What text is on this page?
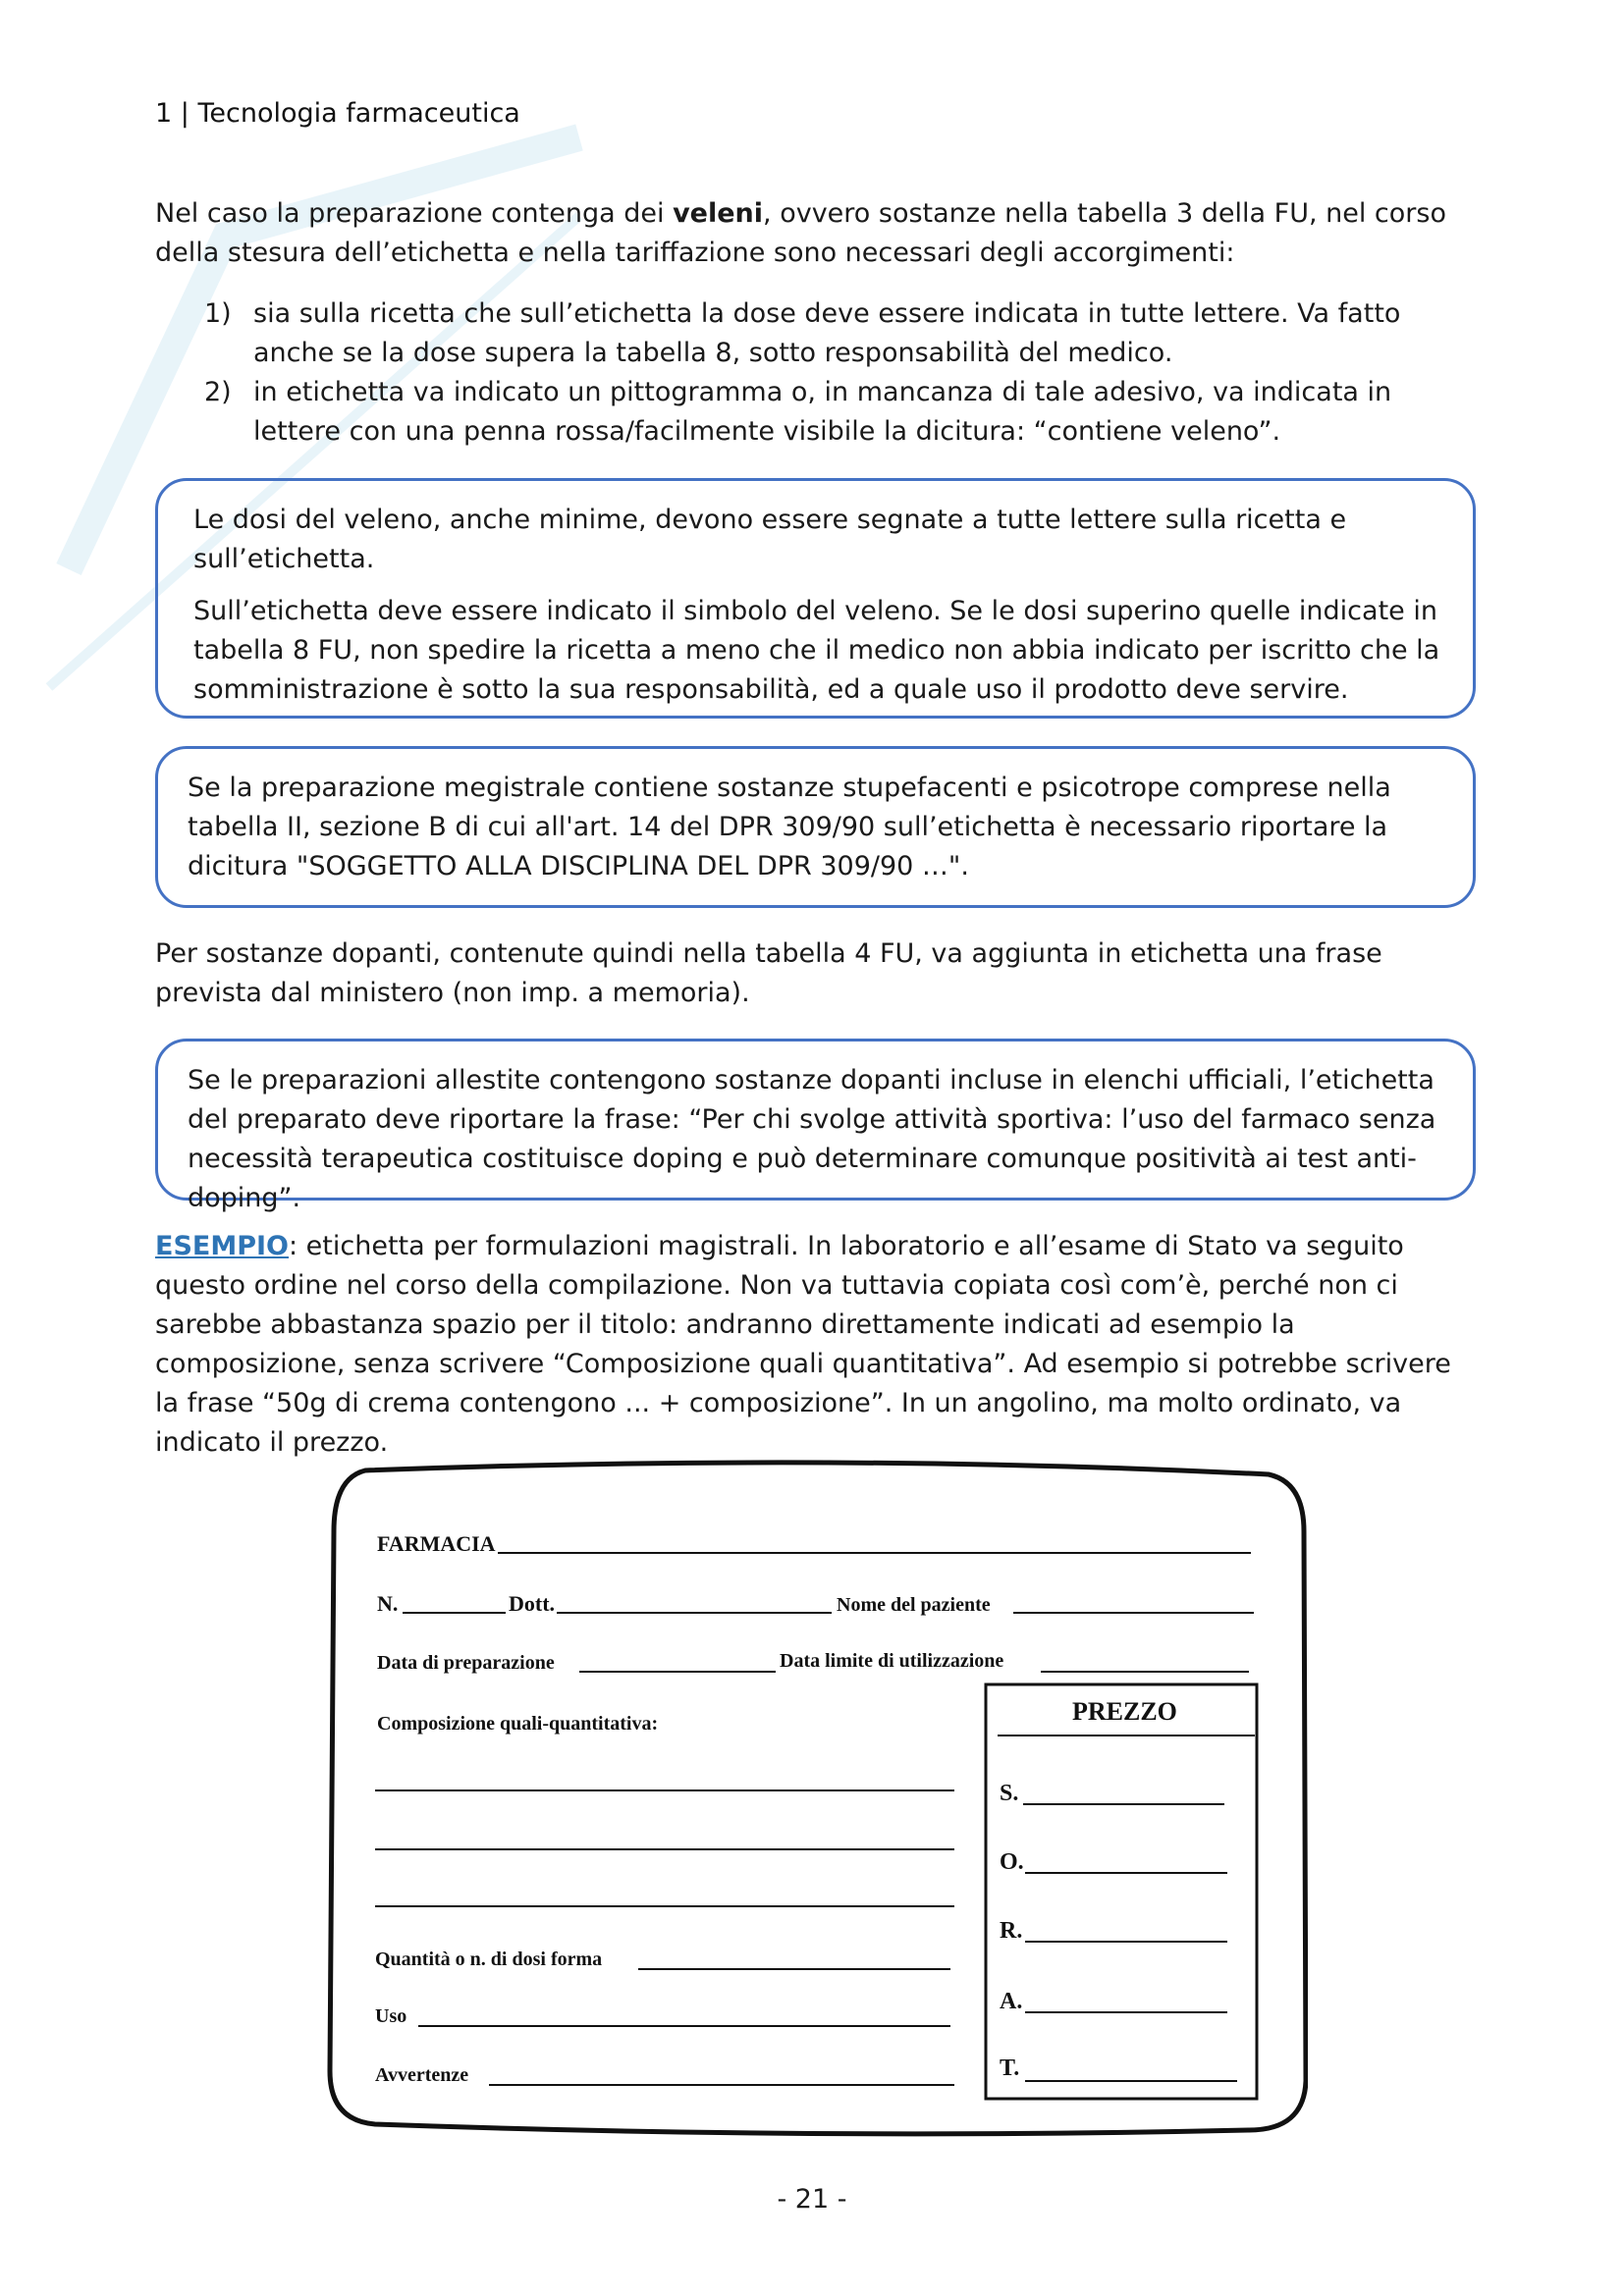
1 | Tecnologia farmaceutica
Nel caso la preparazione contenga dei veleni, ovvero sostanze nella tabella 3 della FU, nel corso della stesura dell’etichetta e nella tariffazione sono necessari degli accorgimenti:
1) sia sulla ricetta che sull’etichetta la dose deve essere indicata in tutte lettere. Va fatto anche se la dose supera la tabella 8, sotto responsabilità del medico.
2) in etichetta va indicato un pittogramma o, in mancanza di tale adesivo, va indicata in lettere con una penna rossa/facilmente visibile la dicitura: “contiene veleno”.

Le dosi del veleno, anche minime, devono essere segnate a tutte lettere sulla ricetta e sull’etichetta.

Sull’etichetta deve essere indicato il simbolo del veleno. Se le dosi superino quelle indicate in tabella 8 FU, non spedire la ricetta a meno che il medico non abbia indicato per iscritto che la somministrazione è sotto la sua responsabilità, ed a quale uso il prodotto deve servire.

Se la preparazione megistrale contiene sostanze stupefacenti e psicotrope comprese nella tabella II, sezione B di cui all'art. 14 del DPR 309/90 sull’etichetta è necessario riportare la dicitura "SOGGETTO ALLA DISCIPLINA DEL DPR 309/90 …".

Per sostanze dopanti, contenute quindi nella tabella 4 FU, va aggiunta in etichetta una frase prevista dal ministero (non imp. a memoria).

Se le preparazioni allestite contengono sostanze dopanti incluse in elenchi ufficiali, l’etichetta del preparato deve riportare la frase: “Per chi svolge attività sportiva: l’uso del farmaco senza necessità terapeutica costituisce doping e può determinare comunque positività ai test anti-doping”.

ESEMPIO: etichetta per formulazioni magistrali. In laboratorio e all’esame di Stato va seguito questo ordine nel corso della compilazione. Non va tuttavia copiata così com’è, perché non ci sarebbe abbastanza spazio per il titolo: andranno direttamente indicati ad esempio la composizione, senza scrivere “Composizione quali quantitativa”. Ad esempio si potrebbe scrivere la frase “50g di crema contengono ... + composizione”. In un angolino, ma molto ordinato, va indicato il prezzo.
FARMACIA
N.	Dott.	Nome del paziente
Data di preparazione	Data limite di utilizzazione
Composizione quali-quantitativa:
Quantità o n. di dosi forma
Uso
Avvertenze
PREZZO
S.
O.
R.
A.
T.
- 21 -
